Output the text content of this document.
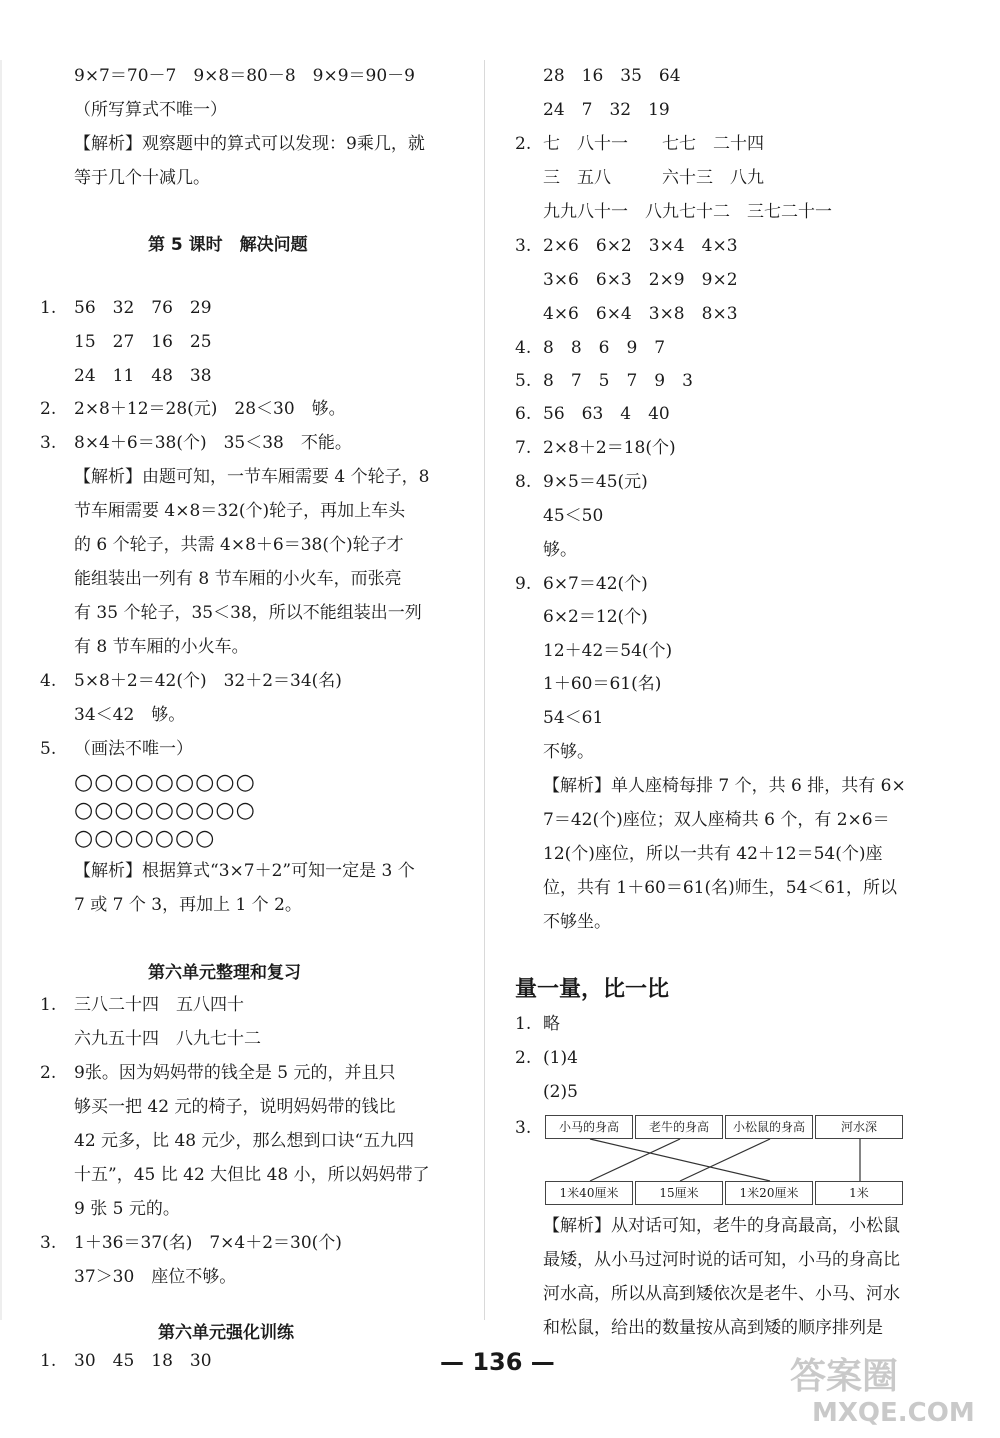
9×7＝70－7　9×8＝80－8　9×9＝90－9
（所写算式不唯一）
【解析】观察题中的算式可以发现：9乘几，就
等于几个十减几。
第 5 课时　解决问题
1. 56　32　76　29
15　27　16　25
24　11　48　38
2. 2×8＋12＝28(元)　28＜30　够。
3. 8×4＋6＝38(个)　35＜38　不能。
【解析】由题可知，一节车厢需要 4 个轮子，8
节车厢需要 4×8＝32(个)轮子，再加上车头
的 6 个轮子，共需 4×8＋6＝38(个)轮子才
能组装出一列有 8 节车厢的小火车，而张亮
有 35 个轮子，35＜38，所以不能组装出一列
有 8 节车厢的小火车。
4. 5×8＋2＝42(个)　32＋2＝34(名)
34＜42　够。
5. （画法不唯一）
○○○○○○○○○
○○○○○○○○○
○○○○○○○
【解析】根据算式“3×7＋2”可知一定是 3 个
7 或 7 个 3，再加上 1 个 2。
第六单元整理和复习
1. 三八二十四　五八四十
六九五十四　八九七十二
2. 9张。因为妈妈带的钱全是 5 元的，并且只
够买一把 42 元的椅子，说明妈妈带的钱比
42 元多，比 48 元少，那么想到口诀“五九四
十五”，45 比 42 大但比 48 小，所以妈妈带了
9 张 5 元的。
3. 1＋36＝37(名)　7×4＋2＝30(个)
37＞30　座位不够。
第六单元强化训练
1. 30　45　18　30
28　16　35　64
24　7　32　19
2. 七　八十一　　七七　二十四
三　五八　　　六十三　八九
九九八十一　八九七十二　三七二十一
3. 2×6　6×2　3×4　4×3
3×6　6×3　2×9　9×2
4×6　6×4　3×8　8×3
4. 8　8　6　9　7
5. 8　7　5　7　9　3
6. 56　63　4　40
7. 2×8＋2＝18(个)
8. 9×5＝45(元)
45＜50
够。
9. 6×7＝42(个)
6×2＝12(个)
12＋42＝54(个)
1＋60＝61(名)
54＜61
不够。
【解析】单人座椅每排 7 个，共 6 排，共有 6×
7＝42(个)座位；双人座椅共 6 个，有 2×6＝
12(个)座位，所以一共有 42＋12＝54(个)座
位，共有 1＋60＝61(名)师生，54＜61，所以
不够坐。
量一量，比一比
1. 略
2. (1)4
(2)5
3.
【解析】从对话可知，老牛的身高最高，小松鼠
最矮，从小马过河时说的话可知，小马的身高比
河水高，所以从高到矮依次是老牛、小马、河水
和松鼠，给出的数量按从高到矮的顺序排列是
小马的身高	老牛的身高	小松鼠的身高	河水深
1米40厘米	15厘米	1米20厘米	1米
— 136 —	答案圈
MXQE.COM
